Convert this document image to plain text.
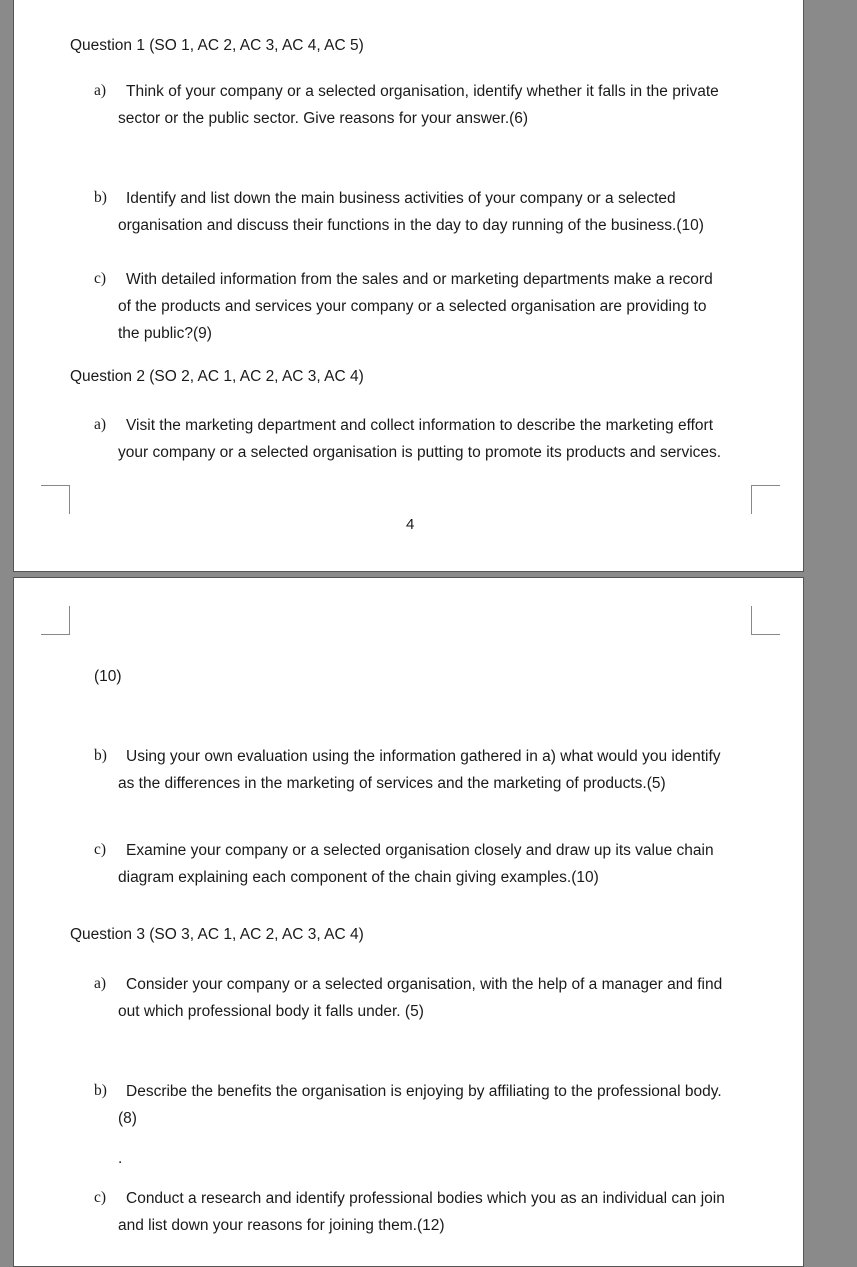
Question 1 (SO 1, AC 2, AC 3, AC 4, AC 5)
a) Think of your company or a selected organisation, identify whether it falls in the private
sector or the public sector. Give reasons for your answer.(6)
b) Identify and list down the main business activities of your company or a selected
organisation and discuss their functions in the day to day running of the business.(10)
c) With detailed information from the sales and or marketing departments make a record
of the products and services your company or a selected organisation are providing to
the public?(9)
Question 2 (SO 2, AC 1, AC 2, AC 3, AC 4)
a) Visit the marketing department and collect information to describe the marketing effort
your company or a selected organisation is putting to promote its products and services.
4
(10)
b) Using your own evaluation using the information gathered in a) what would you identify
as the differences in the marketing of services and the marketing of products.(5)
c) Examine your company or a selected organisation closely and draw up its value chain
diagram explaining each component of the chain giving examples.(10)
Question 3 (SO 3, AC 1, AC 2, AC 3, AC 4)
a) Consider your company or a selected organisation, with the help of a manager and find
out which professional body it falls under. (5)
b) Describe the benefits the organisation is enjoying by affiliating to the professional body.
(8)
.
c) Conduct a research and identify professional bodies which you as an individual can join
and list down your reasons for joining them.(12)
